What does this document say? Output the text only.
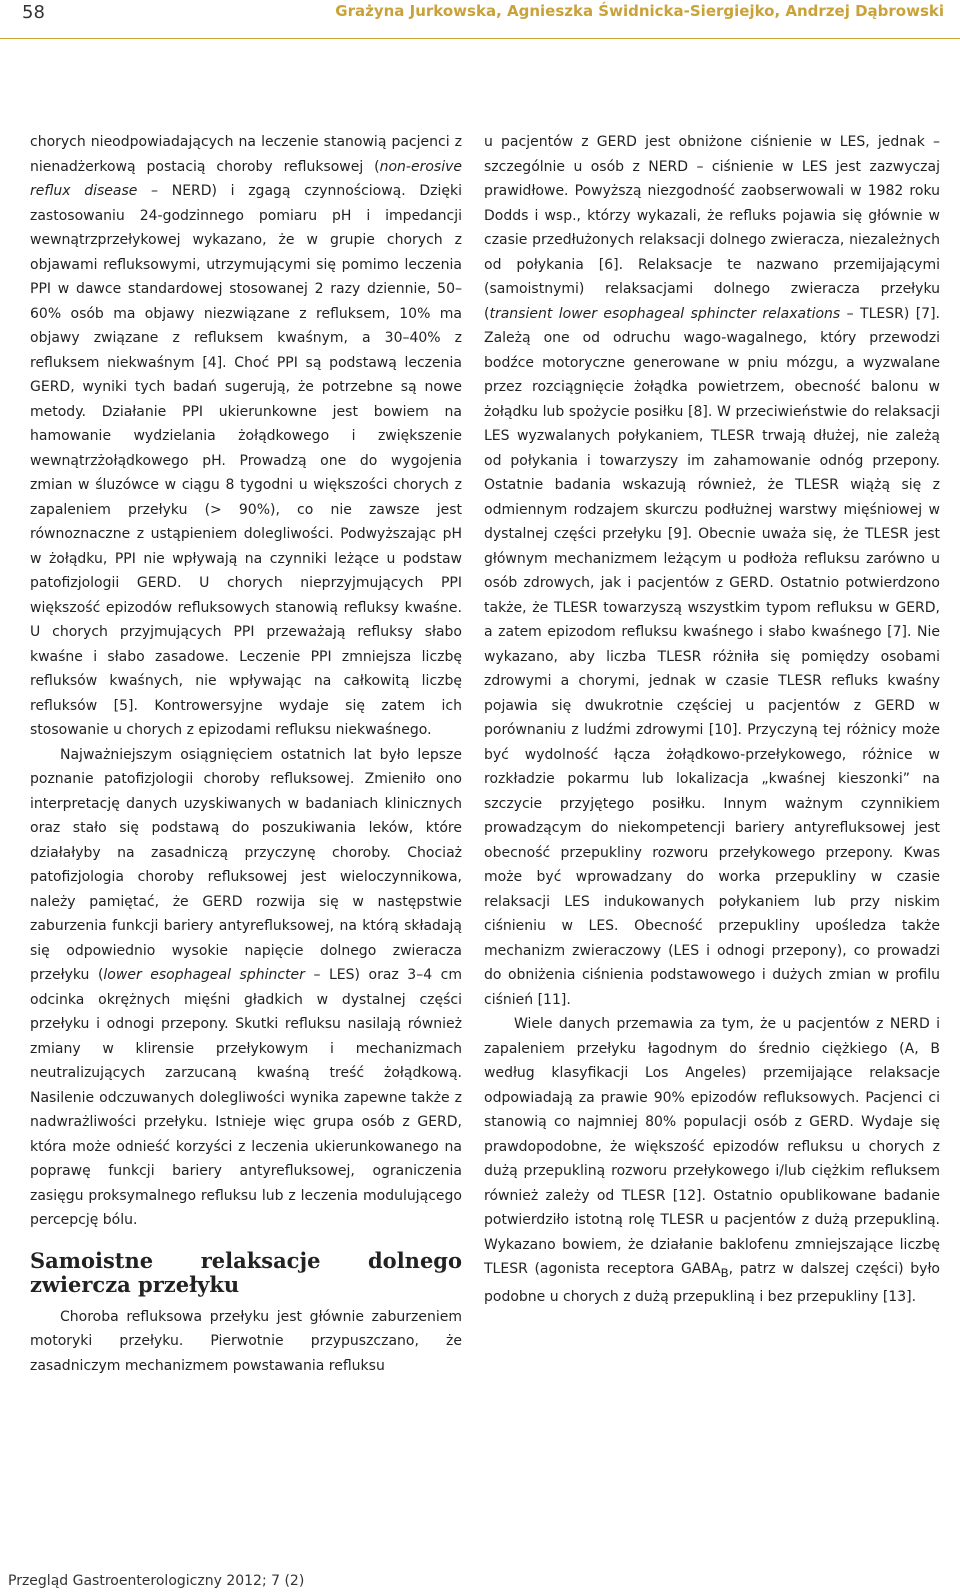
58	Grażyna Jurkowska, Agnieszka Świdnicka-Siergiejko, Andrzej Dąbrowski

chorych nieodpowiadających na leczenie stanowią pacjenci z nienadżerkową postacią choroby refluksowej (non-erosive reflux disease – NERD) i zgagą czynnościową. Dzięki zastosowaniu 24-godzinnego pomiaru pH i impedancji wewnątrzprzełykowej wykazano, że w grupie chorych z objawami refluksowymi, utrzymującymi się pomimo leczenia PPI w dawce standardowej stosowanej 2 razy dziennie, 50–60% osób ma objawy niezwiązane z refluksem, 10% ma objawy związane z refluksem kwaśnym, a 30–40% z refluksem niekwaśnym [4]. Choć PPI są podstawą leczenia GERD, wyniki tych badań sugerują, że potrzebne są nowe metody. Działanie PPI ukierunkowne jest bowiem na hamowanie wydzielania żołądkowego i zwiększenie wewnątrzżołądkowego pH. Prowadzą one do wygojenia zmian w śluzówce w ciągu 8 tygodni u większości chorych z zapaleniem przełyku (> 90%), co nie zawsze jest równoznaczne z ustąpieniem dolegliwości. Podwyższając pH w żołądku, PPI nie wpływają na czynniki leżące u podstaw patofizjologii GERD. U chorych nieprzyjmujących PPI większość epizodów refluksowych stanowią refluksy kwaśne. U chorych przyjmujących PPI przeważają refluksy słabo kwaśne i słabo zasadowe. Leczenie PPI zmniejsza liczbę refluksów kwaśnych, nie wpływając na całkowitą liczbę refluksów [5]. Kontrowersyjne wydaje się zatem ich stosowanie u chorych z epizodami refluksu niekwaśnego.

Najważniejszym osiągnięciem ostatnich lat było lepsze poznanie patofizjologii choroby refluksowej. Zmieniło ono interpretację danych uzyskiwanych w badaniach klinicznych oraz stało się podstawą do poszukiwania leków, które działałyby na zasadniczą przyczynę choroby. Chociaż patofizjologia choroby refluksowej jest wieloczynnikowa, należy pamiętać, że GERD rozwija się w następstwie zaburzenia funkcji bariery antyrefluksowej, na którą składają się odpowiednio wysokie napięcie dolnego zwieracza przełyku (lower esophageal sphincter – LES) oraz 3–4 cm odcinka okrężnych mięśni gładkich w dystalnej części przełyku i odnogi przepony. Skutki refluksu nasilają również zmiany w klirensie przełykowym i mechanizmach neutralizujących zarzucaną kwaśną treść żołądkową. Nasilenie odczuwanych dolegliwości wynika zapewne także z nadwrażliwości przełyku. Istnieje więc grupa osób z GERD, która może odnieść korzyści z leczenia ukierunkowanego na poprawę funkcji bariery antyrefluksowej, ograniczenia zasięgu proksymalnego refluksu lub z leczenia modulującego percepcję bólu.

Samoistne relaksacje dolnego zwiercza przełyku

Choroba refluksowa przełyku jest głównie zaburzeniem motoryki przełyku. Pierwotnie przypuszczano, że zasadniczym mechanizmem powstawania refluksu

u pacjentów z GERD jest obniżone ciśnienie w LES, jednak – szczególnie u osób z NERD – ciśnienie w LES jest zazwyczaj prawidłowe. Powyższą niezgodność zaobserwowali w 1982 roku Dodds i wsp., którzy wykazali, że refluks pojawia się głównie w czasie przedłużonych relaksacji dolnego zwieracza, niezależnych od połykania [6]. Relaksacje te nazwano przemijającymi (samoistnymi) relaksacjami dolnego zwieracza przełyku (transient lower esophageal sphincter relaxations – TLESR) [7]. Zależą one od odruchu wago-wagalnego, który przewodzi bodźce motoryczne generowane w pniu mózgu, a wyzwalane przez rozciągnięcie żołądka powietrzem, obecność balonu w żołądku lub spożycie posiłku [8]. W przeciwieństwie do relaksacji LES wyzwalanych połykaniem, TLESR trwają dłużej, nie zależą od połykania i towarzyszy im zahamowanie odnóg przepony. Ostatnie badania wskazują również, że TLESR wiążą się z odmiennym rodzajem skurczu podłużnej warstwy mięśniowej w dystalnej części przełyku [9]. Obecnie uważa się, że TLESR jest głównym mechanizmem leżącym u podłoża refluksu zarówno u osób zdrowych, jak i pacjentów z GERD. Ostatnio potwierdzono także, że TLESR towarzyszą wszystkim typom refluksu w GERD, a zatem epizodom refluksu kwaśnego i słabo kwaśnego [7]. Nie wykazano, aby liczba TLESR różniła się pomiędzy osobami zdrowymi a chorymi, jednak w czasie TLESR refluks kwaśny pojawia się dwukrotnie częściej u pacjentów z GERD w porównaniu z ludźmi zdrowymi [10]. Przyczyną tej różnicy może być wydolność łącza żołądkowo-przełykowego, różnice w rozkładzie pokarmu lub lokalizacja „kwaśnej kieszonki” na szczycie przyjętego posiłku. Innym ważnym czynnikiem prowadzącym do niekompetencji bariery antyrefluksowej jest obecność przepukliny rozworu przełykowego przepony. Kwas może być wprowadzany do worka przepukliny w czasie relaksacji LES indukowanych połykaniem lub przy niskim ciśnieniu w LES. Obecność przepukliny upośledza także mechanizm zwieraczowy (LES i odnogi przepony), co prowadzi do obniżenia ciśnienia podstawowego i dużych zmian w profilu ciśnień [11].

Wiele danych przemawia za tym, że u pacjentów z NERD i zapaleniem przełyku łagodnym do średnio ciężkiego (A, B według klasyfikacji Los Angeles) przemijające relaksacje odpowiadają za prawie 90% epizodów refluksowych. Pacjenci ci stanowią co najmniej 80% populacji osób z GERD. Wydaje się prawdopodobne, że większość epizodów refluksu u chorych z dużą przepukliną rozworu przełykowego i/lub ciężkim refluksem również zależy od TLESR [12]. Ostatnio opublikowane badanie potwierdziło istotną rolę TLESR u pacjentów z dużą przepukliną. Wykazano bowiem, że działanie baklofenu zmniejszające liczbę TLESR (agonista receptora $GABA_B$, patrz w dalszej części) było podobne u chorych z dużą przepukliną i bez przepukliny [13].

Przegląd Gastroenterologiczny 2012; 7 (2)
